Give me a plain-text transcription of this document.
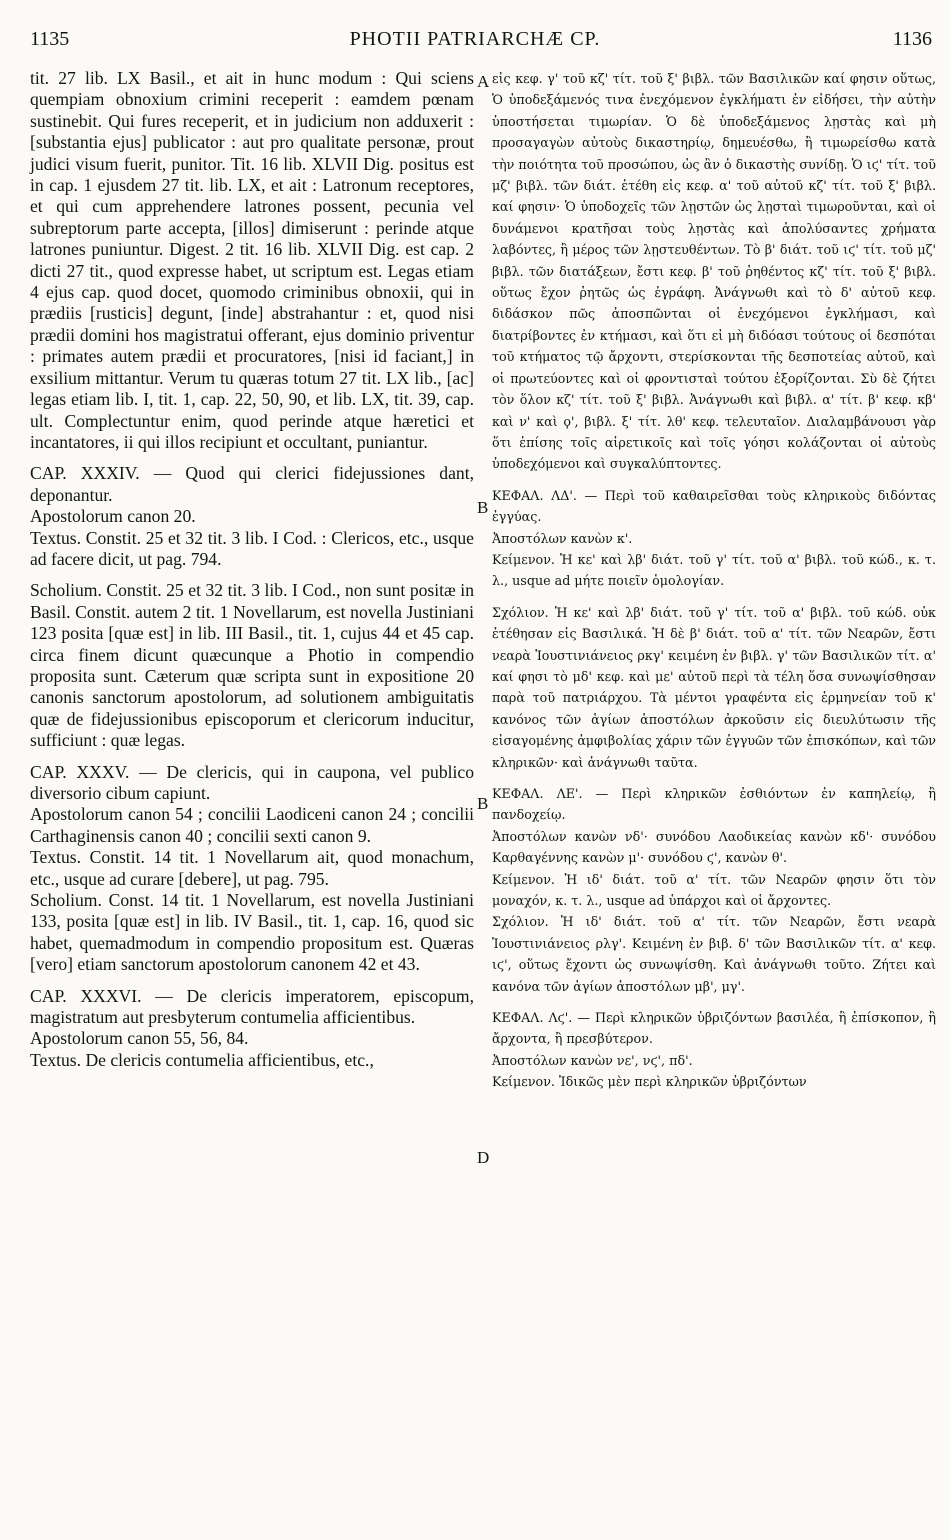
1135	PHOTII PATRIARCHÆ CP.	1136
A
B
B
D

tit. 27 lib. LX Basil., et ait in hunc modum : Qui sciens quempiam obnoxium crimini receperit : eamdem pœnam sustinebit. Qui fures receperit, et in judicium non adduxerit : [substantia ejus] publicator : aut pro qualitate personæ, prout judici visum fuerit, punitor. Tit. 16 lib. XLVII Dig. positus est in cap. 1 ejusdem 27 tit. lib. LX, et ait : Latronum receptores, et qui cum apprehendere latrones possent, pecunia vel subreptorum parte accepta, [illos] dimiserunt : perinde atque latrones puniuntur. Digest. 2 tit. 16 lib. XLVII Dig. est cap. 2 dicti 27 tit., quod expresse habet, ut scriptum est. Legas etiam 4 ejus cap. quod docet, quomodo criminibus obnoxii, qui in prædiis [rusticis] degunt, [inde] abstrahantur : et, quod nisi prædii domini hos magistratui offerant, ejus dominio priventur : primates autem prædii et procuratores, [nisi id faciant,] in exsilium mittantur. Verum tu quæras totum 27 tit. LX lib., [ac] legas etiam lib. I, tit. 1, cap. 22, 50, 90, et lib. LX, tit. 39, cap. ult. Complectuntur enim, quod perinde atque hæretici et incantatores, ii qui illos recipiunt et occultant, puniantur.

CAP. XXXIV. — Quod qui clerici fidejussiones dant, deponantur.

Apostolorum canon 20.

Textus. Constit. 25 et 32 tit. 3 lib. I Cod. : Clericos, etc., usque ad facere dicit, ut pag. 794.

Scholium. Constit. 25 et 32 tit. 3 lib. I Cod., non sunt positæ in Basil. Constit. autem 2 tit. 1 Novellarum, est novella Justiniani 123 posita [quæ est] in lib. III Basil., tit. 1, cujus 44 et 45 cap. circa finem dicunt quæcunque a Photio in compendio proposita sunt. Cæterum quæ scripta sunt in expositione 20 canonis sanctorum apostolorum, ad solutionem ambiguitatis quæ de fidejussionibus episcoporum et clericorum inducitur, sufficiunt : quæ legas.

CAP. XXXV. — De clericis, qui in caupona, vel publico diversorio cibum capiunt.

Apostolorum canon 54 ; concilii Laodiceni canon 24 ; concilii Carthaginensis canon 40 ; concilii sexti canon 9.

Textus. Constit. 14 tit. 1 Novellarum ait, quod monachum, etc., usque ad curare [debere], ut pag. 795.

Scholium. Const. 14 tit. 1 Novellarum, est novella Justiniani 133, posita [quæ est] in lib. IV Basil., tit. 1, cap. 16, quod sic habet, quemadmodum in compendio propositum est. Quæras [vero] etiam sanctorum apostolorum canonem 42 et 43.

CAP. XXXVI. — De clericis imperatorem, episcopum, magistratum aut presbyterum contumelia afficientibus.

Apostolorum canon 55, 56, 84.

Textus. De clericis contumelia afficientibus, etc.,

εἰς κεφ. γ' τοῦ κζ' τίτ. τοῦ ξ' βιβλ. τῶν Βασιλικῶν καί φησιν οὕτως, Ὁ ὑποδεξάμενός τινα ἐνεχόμενον ἐγκλήματι ἐν εἰδήσει, τὴν αὐτὴν ὑποστήσεται τιμωρίαν. Ὁ δὲ ὑποδεξάμενος λῃστὰς καὶ μὴ προσαγαγὼν αὐτοὺς δικαστηρίῳ, δημευέσθω, ἢ τιμωρείσθω κατὰ τὴν ποιότητα τοῦ προσώπου, ὡς ἂν ὁ δικαστὴς συνίδῃ. Ὁ ιϛ' τίτ. τοῦ μζ' βιβλ. τῶν διάτ. ἐτέθη εἰς κεφ. α' τοῦ αὐτοῦ κζ' τίτ. τοῦ ξ' βιβλ. καί φησιν· Ὁ ὑποδοχεῖς τῶν λῃστῶν ὡς λῃσταὶ τιμωροῦνται, καὶ οἱ δυνάμενοι κρατῆσαι τοὺς λῃστὰς καὶ ἀπολύσαντες χρήματα λαβόντες, ἢ μέρος τῶν λῃστευθέντων. Τὸ β' διάτ. τοῦ ιϛ' τίτ. τοῦ μζ' βιβλ. τῶν διατάξεων, ἔστι κεφ. β' τοῦ ῥηθέντος κζ' τίτ. τοῦ ξ' βιβλ. οὕτως ἔχον ῥητῶς ὡς ἐγράφη. Ἀνάγνωθι καὶ τὸ δ' αὐτοῦ κεφ. διδάσκον πῶς ἀποσπῶνται οἱ ἐνεχόμενοι ἐγκλήμασι, καὶ διατρίβοντες ἐν κτήμασι, καὶ ὅτι εἰ μὴ διδόασι τούτους οἱ δεσπόται τοῦ κτήματος τῷ ἄρχοντι, στερίσκονται τῆς δεσποτείας αὐτοῦ, καὶ οἱ πρωτεύοντες καὶ οἱ φροντισταὶ τούτου ἐξορίζονται. Σὺ δὲ ζήτει τὸν ὅλον κζ' τίτ. τοῦ ξ' βιβλ. Ἀνάγνωθι καὶ βιβλ. α' τίτ. β' κεφ. κβ' καὶ ν' καὶ ϙ', βιβλ. ξ' τίτ. λθ' κεφ. τελευταῖον. Διαλαμβάνουσι γὰρ ὅτι ἐπίσης τοῖς αἱρετικοῖς καὶ τοῖς γόησι κολάζονται οἱ αὐτοὺς ὑποδεχόμενοι καὶ συγκαλύπτοντες.

ΚΕΦΑΛ. ΛΔ'. — Περὶ τοῦ καθαιρεῖσθαι τοὺς κληρικοὺς διδόντας ἐγγύας.

Ἀποστόλων κανὼν κ'.

Κείμενον. Ἡ κε' καὶ λβ' διάτ. τοῦ γ' τίτ. τοῦ α' βιβλ. τοῦ κώδ., κ. τ. λ., usque ad μήτε ποιεῖν ὁμολογίαν.

Σχόλιον. Ἡ κε' καὶ λβ' διάτ. τοῦ γ' τίτ. τοῦ α' βιβλ. τοῦ κώδ. οὐκ ἐτέθησαν εἰς Βασιλικά. Ἡ δὲ β' διάτ. τοῦ α' τίτ. τῶν Νεαρῶν, ἔστι νεαρὰ Ἰουστινιάνειος ρκγ' κειμένη ἐν βιβλ. γ' τῶν Βασιλικῶν τίτ. α' καί φησι τὸ μδ' κεφ. καὶ με' αὐτοῦ περὶ τὰ τέλη ὅσα συνωψίσθησαν παρὰ τοῦ πατριάρχου. Τὰ μέντοι γραφέντα εἰς ἑρμηνείαν τοῦ κ' κανόνος τῶν ἁγίων ἀποστόλων ἀρκοῦσιν εἰς διευλύτωσιν τῆς εἰσαγομένης ἀμφιβολίας χάριν τῶν ἐγγυῶν τῶν ἐπισκόπων, καὶ τῶν κληρικῶν· καὶ ἀνάγνωθι ταῦτα.

ΚΕΦΑΛ. ΛΕ'. — Περὶ κληρικῶν ἐσθιόντων ἐν καπηλείῳ, ἢ πανδοχείῳ.

Ἀποστόλων κανὼν νδ'· συνόδου Λαοδικείας κανὼν κδ'· συνόδου Καρθαγέννης κανὼν μ'· συνόδου ϛ', κανὼν θ'.

Κείμενον. Ἡ ιδ' διάτ. τοῦ α' τίτ. τῶν Νεαρῶν φησιν ὅτι τὸν μοναχόν, κ. τ. λ., usque ad ὑπάρχοι καὶ οἱ ἄρχοντες.

Σχόλιον. Ἡ ιδ' διάτ. τοῦ α' τίτ. τῶν Νεαρῶν, ἔστι νεαρὰ Ἰουστινιάνειος ρλγ'. Κειμένη ἐν βιβ. δ' τῶν Βασιλικῶν τίτ. α' κεφ. ιϛ', οὕτως ἔχοντι ὡς συνωψίσθη. Καὶ ἀνάγνωθι τοῦτο. Ζήτει καὶ κανόνα τῶν ἁγίων ἀποστόλων μβ', μγ'.

ΚΕΦΑΛ. Λϛ'. — Περὶ κληρικῶν ὑβριζόντων βασιλέα, ἢ ἐπίσκοπον, ἢ ἄρχοντα, ἢ πρεσβύτερον.

Ἀποστόλων κανὼν νε', νϛ', πδ'.

Κείμενον. Ἰδικῶς μὲν περὶ κληρικῶν ὑβριζόντων
